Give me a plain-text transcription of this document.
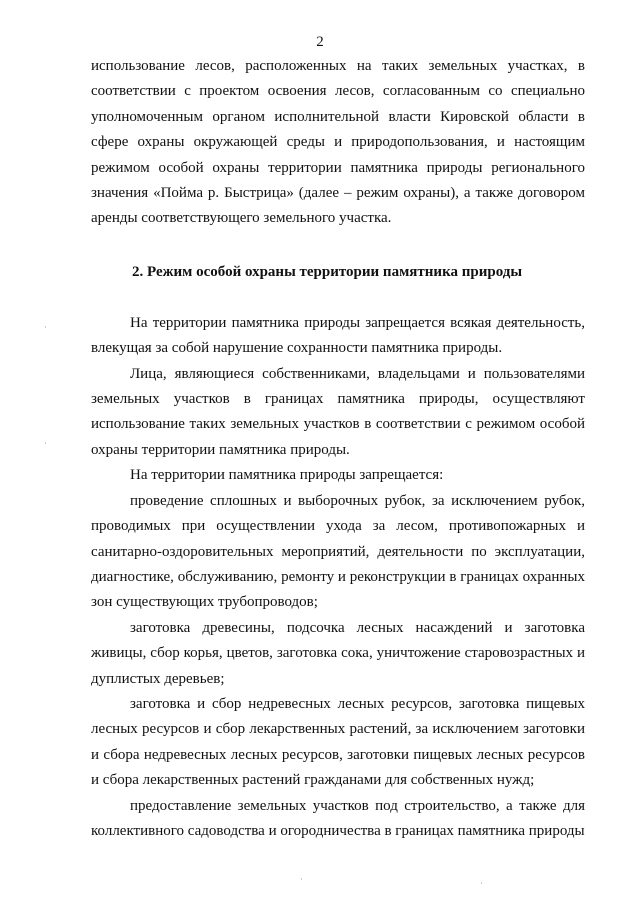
2

использование лесов, расположенных на таких земельных участках, в соответствии с проектом освоения лесов, согласованным со специально уполномоченным органом исполнительной власти Кировской области в сфере охраны окружающей среды и природопользования, и настоящим режимом особой охраны территории памятника природы регионального значения «Пойма р. Быстрица» (далее – режим охраны), а также договором аренды соответствующего земельного участка.

2. Режим особой охраны территории памятника природы

На территории памятника природы запрещается всякая деятельность, влекущая за собой нарушение сохранности памятника природы.

Лица, являющиеся собственниками, владельцами и пользователями земельных участков в границах памятника природы, осуществляют использование таких земельных участков в соответствии с режимом особой охраны территории памятника природы.

На территории памятника природы запрещается:

проведение сплошных и выборочных рубок, за исключением рубок, проводимых при осуществлении ухода за лесом, противопожарных и санитарно-оздоровительных мероприятий, деятельности по эксплуатации, диагностике, обслуживанию, ремонту и реконструкции в границах охранных зон существующих трубопроводов;

заготовка древесины, подсочка лесных насаждений и заготовка живицы, сбор корья, цветов, заготовка сока, уничтожение старовозрастных и дуплистых деревьев;

заготовка и сбор недревесных лесных ресурсов, заготовка пищевых лесных ресурсов и сбор лекарственных растений, за исключением заготовки и сбора недревесных лесных ресурсов, заготовки пищевых лесных ресурсов и сбора лекарственных растений гражданами для собственных нужд;

предоставление земельных участков под строительство, а также для коллективного садоводства и огородничества в границах памятника природы

·
·
·	·
